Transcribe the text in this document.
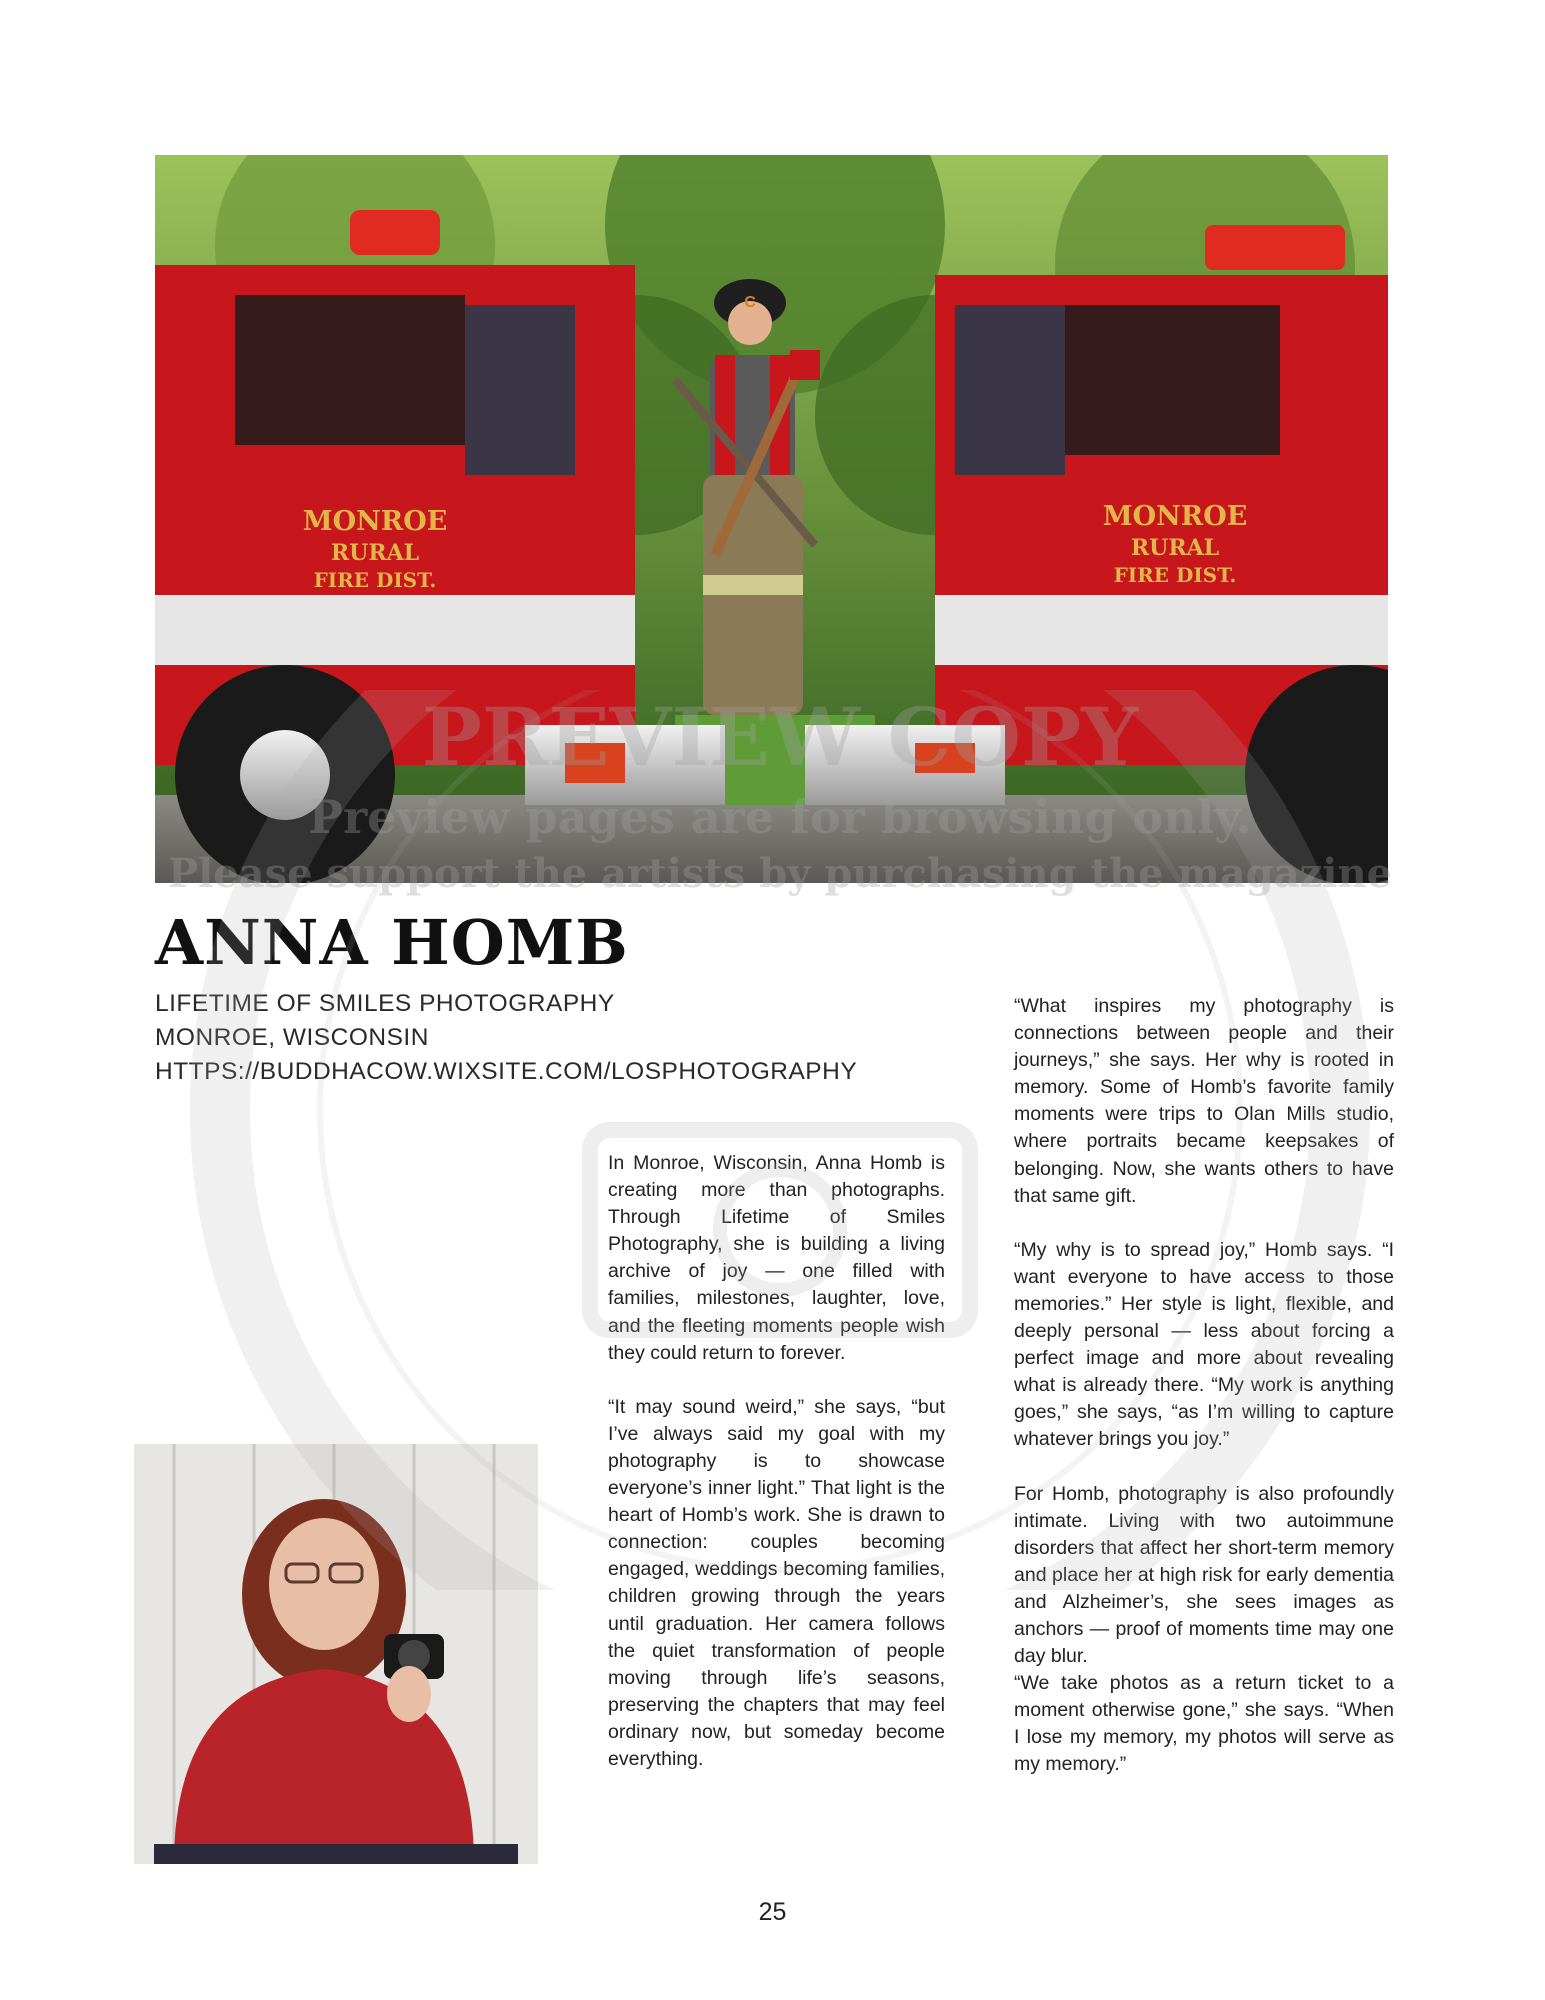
MONROE
RURAL
FIRE DIST.
MONROE
RURAL
FIRE DIST.
C
PREVIEW COPY
Preview pages are for browsing only.
Please support the artists by purchasing the magazine
ANNA HOMB
LIFETIME OF SMILES PHOTOGRAPHY
MONROE, WISCONSIN
HTTPS://BUDDHACOW.WIXSITE.COM/LOSPHOTOGRAPHY

In Monroe, Wisconsin, Anna Homb is creating more than photographs. Through Lifetime of Smiles Photography, she is building a living archive of joy — one filled with families, milestones, laughter, love, and the fleeting moments people wish they could return to forever.

“It may sound weird,” she says, “but I’ve always said my goal with my photography is to showcase everyone’s inner light.” That light is the heart of Homb’s work. She is drawn to connection: couples becoming engaged, weddings becoming families, children growing through the years until graduation. Her camera follows the quiet transformation of people moving through life’s seasons, preserving the chapters that may feel ordinary now, but someday become everything.

“What inspires my photography is connections between people and their journeys,” she says. Her why is rooted in memory. Some of Homb’s favorite family moments were trips to Olan Mills studio, where portraits became keepsakes of belonging. Now, she wants others to have that same gift.

“My why is to spread joy,” Homb says. “I want everyone to have access to those memories.” Her style is light, flexible, and deeply personal — less about forcing a perfect image and more about revealing what is already there. “My work is anything goes,” she says, “as I’m willing to capture whatever brings you joy.”

For Homb, photography is also profoundly intimate. Living with two autoimmune disorders that affect her short-term memory and place her at high risk for early dementia and Alzheimer’s, she sees images as anchors — proof of moments time may one day blur.

“We take photos as a return ticket to a moment otherwise gone,” she says. “When I lose my memory, my photos will serve as my memory.”

25
